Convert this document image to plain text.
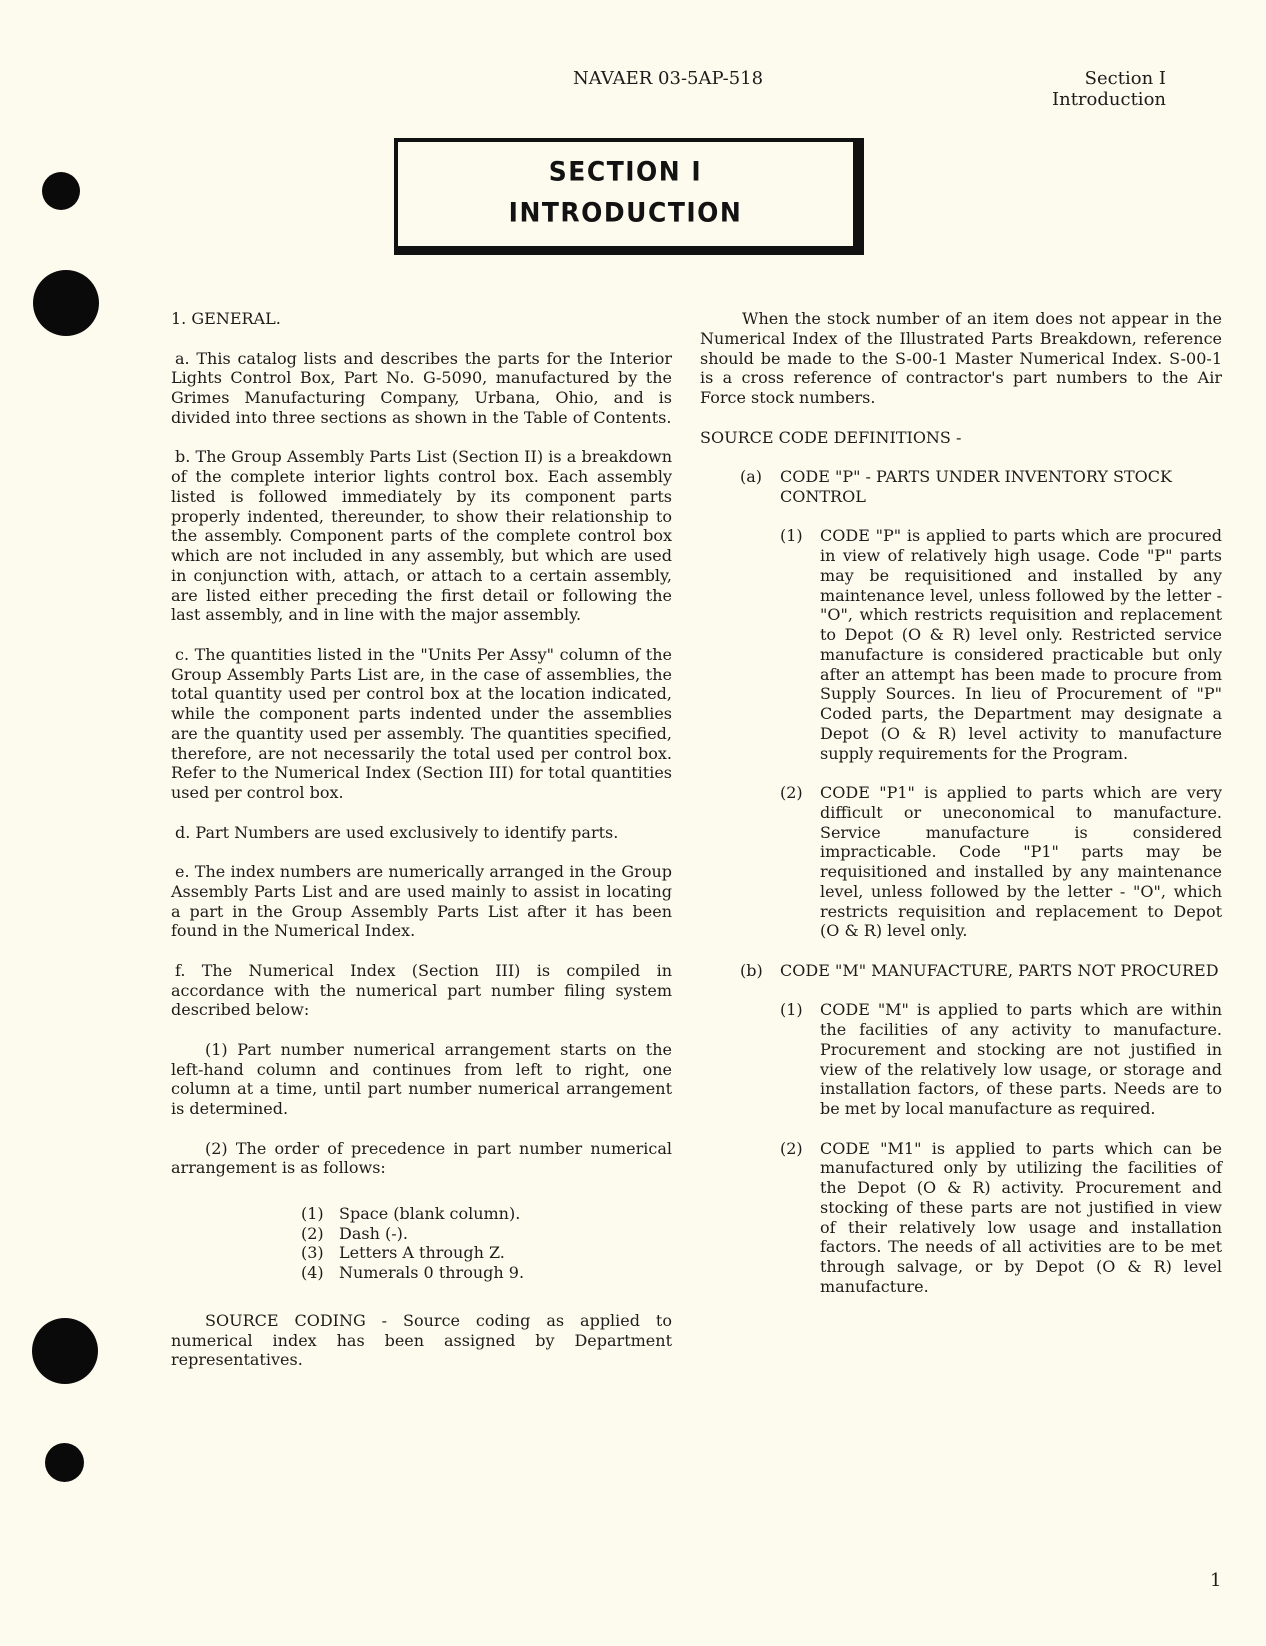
NAVAER 03-5AP-518	Section I
Introduction
SECTION I
INTRODUCTION

1. GENERAL.

a. This catalog lists and describes the parts for the Interior Lights Control Box, Part No. G-5090, manufactured by the Grimes Manufacturing Company, Urbana, Ohio, and is divided into three sections as shown in the Table of Contents.

b. The Group Assembly Parts List (Section II) is a breakdown of the complete interior lights control box. Each assembly listed is followed immediately by its component parts properly indented, thereunder, to show their relationship to the assembly. Component parts of the complete control box which are not included in any assembly, but which are used in conjunction with, attach, or attach to a certain assembly, are listed either preceding the first detail or following the last assembly, and in line with the major assembly.

c. The quantities listed in the "Units Per Assy" column of the Group Assembly Parts List are, in the case of assemblies, the total quantity used per control box at the location indicated, while the component parts indented under the assemblies are the quantity used per assembly. The quantities specified, therefore, are not necessarily the total used per control box. Refer to the Numerical Index (Section III) for total quantities used per control box.

d. Part Numbers are used exclusively to identify parts.

e. The index numbers are numerically arranged in the Group Assembly Parts List and are used mainly to assist in locating a part in the Group Assembly Parts List after it has been found in the Numerical Index.

f. The Numerical Index (Section III) is compiled in accordance with the numerical part number filing system described below:

(1) Part number numerical arrangement starts on the left-hand column and continues from left to right, one column at a time, until part number numerical arrangement is determined.

(2) The order of precedence in part number numerical arrangement is as follows:

(1) Space (blank column).
(2) Dash (-).
(3) Letters A through Z.
(4) Numerals 0 through 9.

SOURCE CODING - Source coding as applied to numerical index has been assigned by Department representatives.

When the stock number of an item does not appear in the Numerical Index of the Illustrated Parts Breakdown, reference should be made to the S-00-1 Master Numerical Index. S-00-1 is a cross reference of contractor's part numbers to the Air Force stock numbers.

SOURCE CODE DEFINITIONS -

(a)	CODE "P" - PARTS UNDER INVENTORY STOCK CONTROL
(1)	CODE "P" is applied to parts which are procured in view of relatively high usage. Code "P" parts may be requisitioned and installed by any maintenance level, unless followed by the letter - "O", which restricts requisition and replacement to Depot (O & R) level only. Restricted service manufacture is considered practicable but only after an attempt has been made to procure from Supply Sources. In lieu of Procurement of "P" Coded parts, the Department may designate a Depot (O & R) level activity to manufacture supply requirements for the Program.
(2)	CODE "P1" is applied to parts which are very difficult or uneconomical to manufacture. Service manufacture is considered impracticable. Code "P1" parts may be requisitioned and installed by any maintenance level, unless followed by the letter - "O", which restricts requisition and replacement to Depot (O & R) level only.
(b)	CODE "M" MANUFACTURE, PARTS NOT PROCURED
(1)	CODE "M" is applied to parts which are within the facilities of any activity to manufacture. Procurement and stocking are not justified in view of the relatively low usage, or storage and installation factors, of these parts. Needs are to be met by local manufacture as required.
(2)	CODE "M1" is applied to parts which can be manufactured only by utilizing the facilities of the Depot (O & R) activity. Procurement and stocking of these parts are not justified in view of their relatively low usage and installation factors. The needs of all activities are to be met through salvage, or by Depot (O & R) level manufacture.
1
